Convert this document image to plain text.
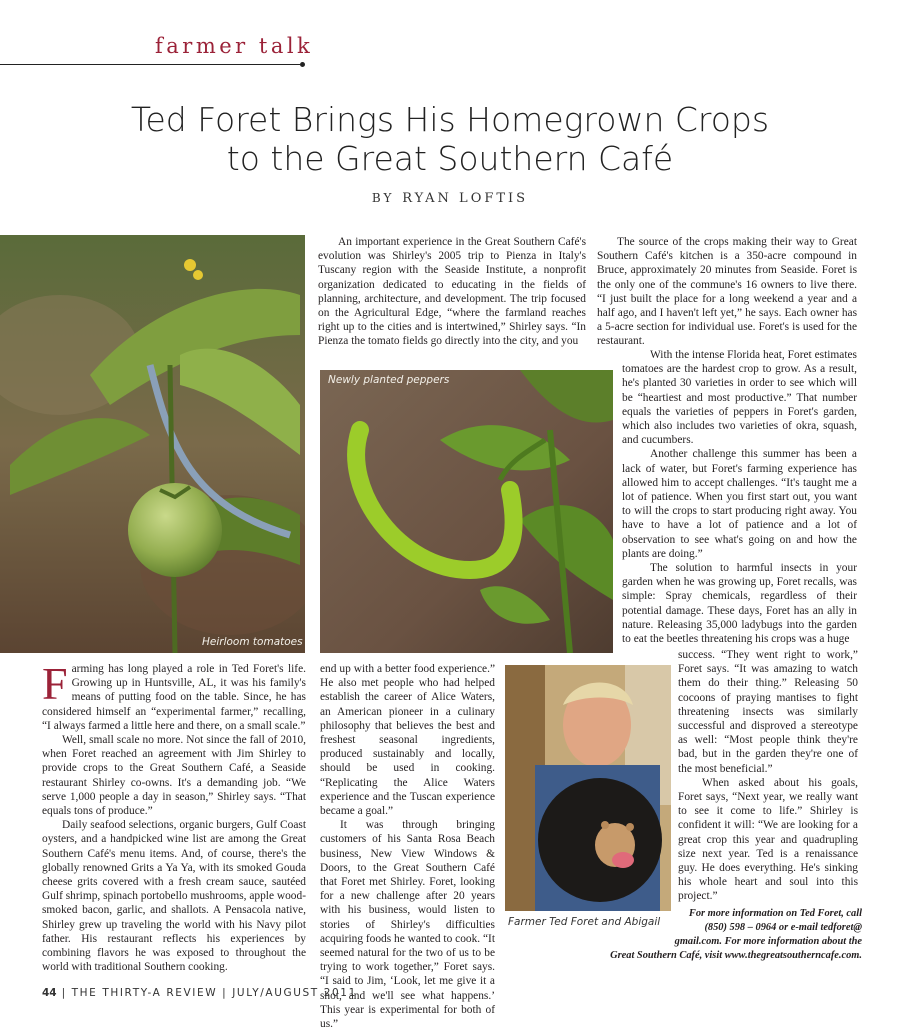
farmer talk
Ted Foret Brings His Homegrown Crops
to the Great Southern Café
BY RYAN LOFTIS
Heirloom tomatoes

An important experience in the Great Southern Café's evolution was Shirley's 2005 trip to Pienza in Italy's Tuscany region with the Seaside Institute, a nonprofit organization dedicated to educating in the fields of planning, architecture, and development. The trip focused on the Agricultural Edge, “where the farmland reaches right up to the cities and is intertwined,” Shirley says. “In Pienza the tomato fields go directly into the city, and you

Newly planted peppers

The source of the crops making their way to Great Southern Café's kitchen is a 350-acre compound in Bruce, approximately 20 minutes from Seaside. Foret is the only one of the commune's 16 owners to live there. “I just built the place for a long weekend a year and a half ago, and I haven't left yet,” he says. Each owner has a 5-acre section for individual use. Foret's is used for the restaurant.

With the intense Florida heat, Foret estimates tomatoes are the hardest crop to grow. As a result, he's planted 30 varieties in order to see which will be “heartiest and most productive.” That number equals the varieties of peppers in Foret's garden, which also includes two varieties of okra, squash, and cucumbers.

Another challenge this summer has been a lack of water, but Foret's farming experience has allowed him to accept challenges. “It's taught me a lot of patience. When you first start out, you want to will the crops to start producing right away. You have to have a lot of patience and a lot of observation to see what's going on and how the plants are doing.”

The solution to harmful insects in your garden when he was growing up, Foret recalls, was simple: Spray chemicals, regardless of their potential damage. These days, Foret has an ally in nature. Releasing 35,000 ladybugs into the garden to eat the beetles threatening his crops was a huge

Farmer Ted Foret and Abigail

success. “They went right to work,” Foret says. “It was amazing to watch them do their thing.” Releasing 50 cocoons of praying mantises to fight threatening insects was similarly successful and disproved a stereotype as well: “Most people think they're bad, but in the garden they're one of the most beneficial.”

When asked about his goals, Foret says, “Next year, we really want to see it come to life.” Shirley is confident it will: “We are looking for a great crop this year and quadrupling size next year. Ted is a renaissance guy. He does everything. He's sinking his whole heart and soul into this project.”

Farming has long played a role in Ted Foret's life. Growing up in Huntsville, AL, it was his family's means of putting food on the table. Since, he has considered himself an “experimental farmer,” recalling, “I always farmed a little here and there, on a small scale.”

Well, small scale no more. Not since the fall of 2010, when Foret reached an agreement with Jim Shirley to provide crops to the Great Southern Café, a Seaside restaurant Shirley co-owns. It's a demanding job. “We serve 1,000 people a day in season,” Shirley says. “That equals tons of produce.”

Daily seafood selections, organic burgers, Gulf Coast oysters, and a handpicked wine list are among the Great Southern Café's menu items. And, of course, there's the globally renowned Grits a Ya Ya, with its smoked Gouda cheese grits covered with a fresh cream sauce, sautéed Gulf shrimp, spinach portobello mushrooms, apple wood-smoked bacon, garlic, and shallots. A Pensacola native, Shirley grew up traveling the world with his Navy pilot father. His restaurant reflects his experiences by combining flavors he was exposed to throughout the world with traditional Southern cooking.

end up with a better food experience.” He also met people who had helped establish the career of Alice Waters, an American pioneer in a culinary philosophy that believes the best and freshest seasonal ingredients, produced sustainably and locally, should be used in cooking. “Replicating the Alice Waters experience and the Tuscan experience became a goal.”

It was through bringing customers of his Santa Rosa Beach business, New View Windows & Doors, to the Great Southern Café that Foret met Shirley. Foret, looking for a new challenge after 20 years with his business, would listen to stories of Shirley's difficulties acquiring foods he wanted to cook. “It seemed natural for the two of us to be trying to work together,” Foret says. “I said to Jim, ‘Look, let me give it a shot, and we'll see what happens.’ This year is experimental for both of us.”

For more information on Ted Foret, call
(850) 598 – 0964 or e-mail tedforet@
gmail.com. For more information about the
Great Southern Café, visit www.thegreatsoutherncafe.com.
44 | THE THIRTY-A REVIEW | JULY/AUGUST 2011
